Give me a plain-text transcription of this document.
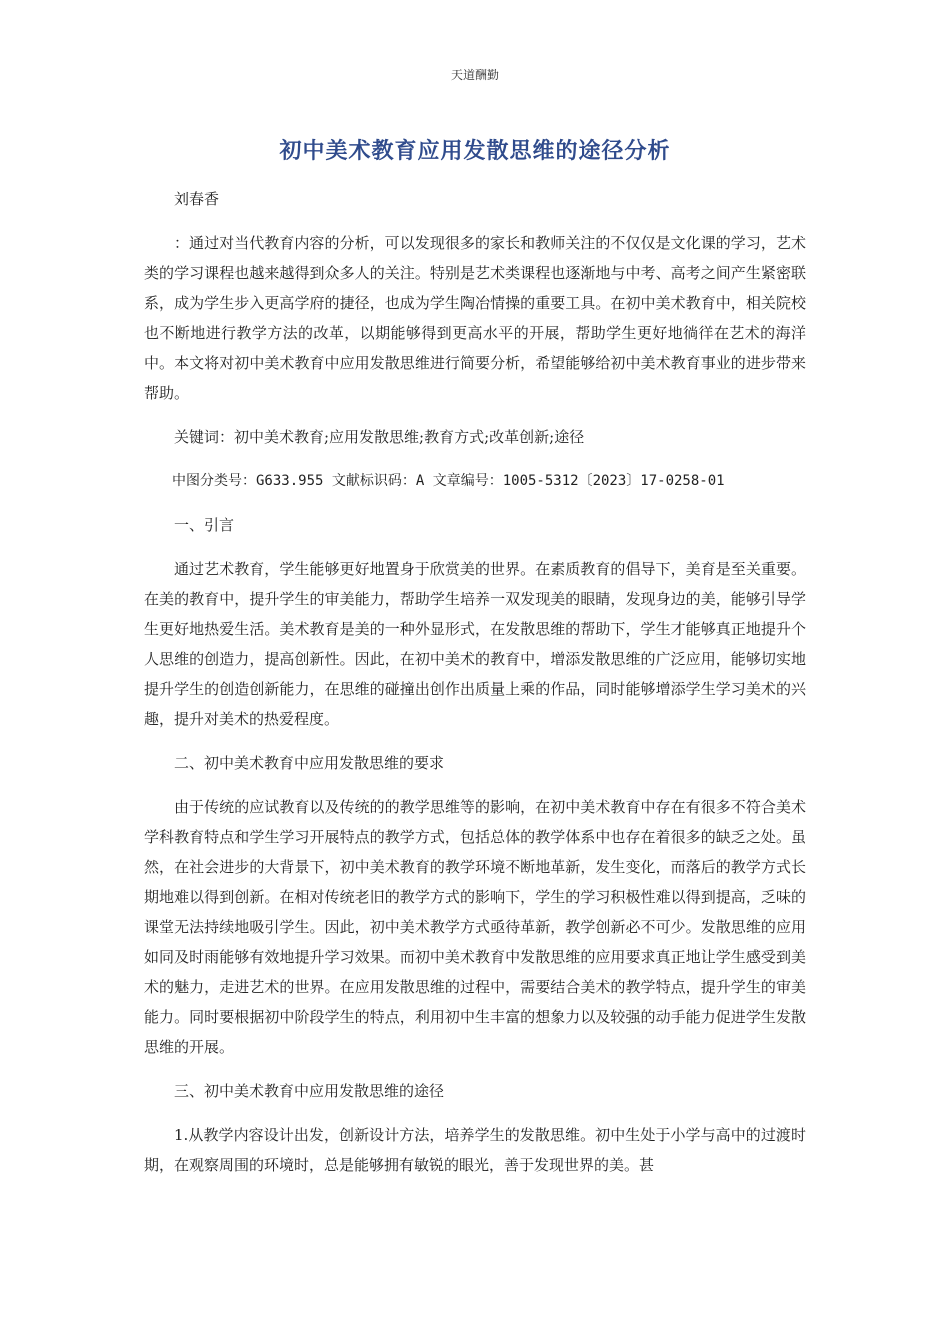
天道酬勤
初中美术教育应用发散思维的途径分析

刘春香

：通过对当代教育内容的分析，可以发现很多的家长和教师关注的不仅仅是文化课的学习，艺术类的学习课程也越来越得到众多人的关注。特别是艺术类课程也逐渐地与中考、高考之间产生紧密联系，成为学生步入更高学府的捷径，也成为学生陶冶情操的重要工具。在初中美术教育中，相关院校也不断地进行教学方法的改革，以期能够得到更高水平的开展，帮助学生更好地徜徉在艺术的海洋中。本文将对初中美术教育中应用发散思维进行简要分析，希望能够给初中美术教育事业的进步带来帮助。

关键词：初中美术教育;应用发散思维;教育方式;改革创新;途径

中图分类号：G633.955 文献标识码：A 文章编号：1005-5312〔2023〕17-0258-01

一、引言

通过艺术教育，学生能够更好地置身于欣赏美的世界。在素质教育的倡导下，美育是至关重要。在美的教育中，提升学生的审美能力，帮助学生培养一双发现美的眼睛，发现身边的美，能够引导学生更好地热爱生活。美术教育是美的一种外显形式，在发散思维的帮助下，学生才能够真正地提升个人思维的创造力，提高创新性。因此，在初中美术的教育中，增添发散思维的广泛应用，能够切实地提升学生的创造创新能力，在思维的碰撞出创作出质量上乘的作品，同时能够增添学生学习美术的兴趣，提升对美术的热爱程度。

二、初中美术教育中应用发散思维的要求

由于传统的应试教育以及传统的的教学思维等的影响，在初中美术教育中存在有很多不符合美术学科教育特点和学生学习开展特点的教学方式，包括总体的教学体系中也存在着很多的缺乏之处。虽然，在社会进步的大背景下，初中美术教育的教学环境不断地革新，发生变化，而落后的教学方式长期地难以得到创新。在相对传统老旧的教学方式的影响下，学生的学习积极性难以得到提高，乏味的课堂无法持续地吸引学生。因此，初中美术教学方式亟待革新，教学创新必不可少。发散思维的应用如同及时雨能够有效地提升学习效果。而初中美术教育中发散思维的应用要求真正地让学生感受到美术的魅力，走进艺术的世界。在应用发散思维的过程中，需要结合美术的教学特点，提升学生的审美能力。同时要根据初中阶段学生的特点，利用初中生丰富的想象力以及较强的动手能力促进学生发散思维的开展。

三、初中美术教育中应用发散思维的途径

1.从教学内容设计出发，创新设计方法，培养学生的发散思维。初中生处于小学与高中的过渡时期，在观察周围的环境时，总是能够拥有敏锐的眼光，善于发现世界的美。甚
